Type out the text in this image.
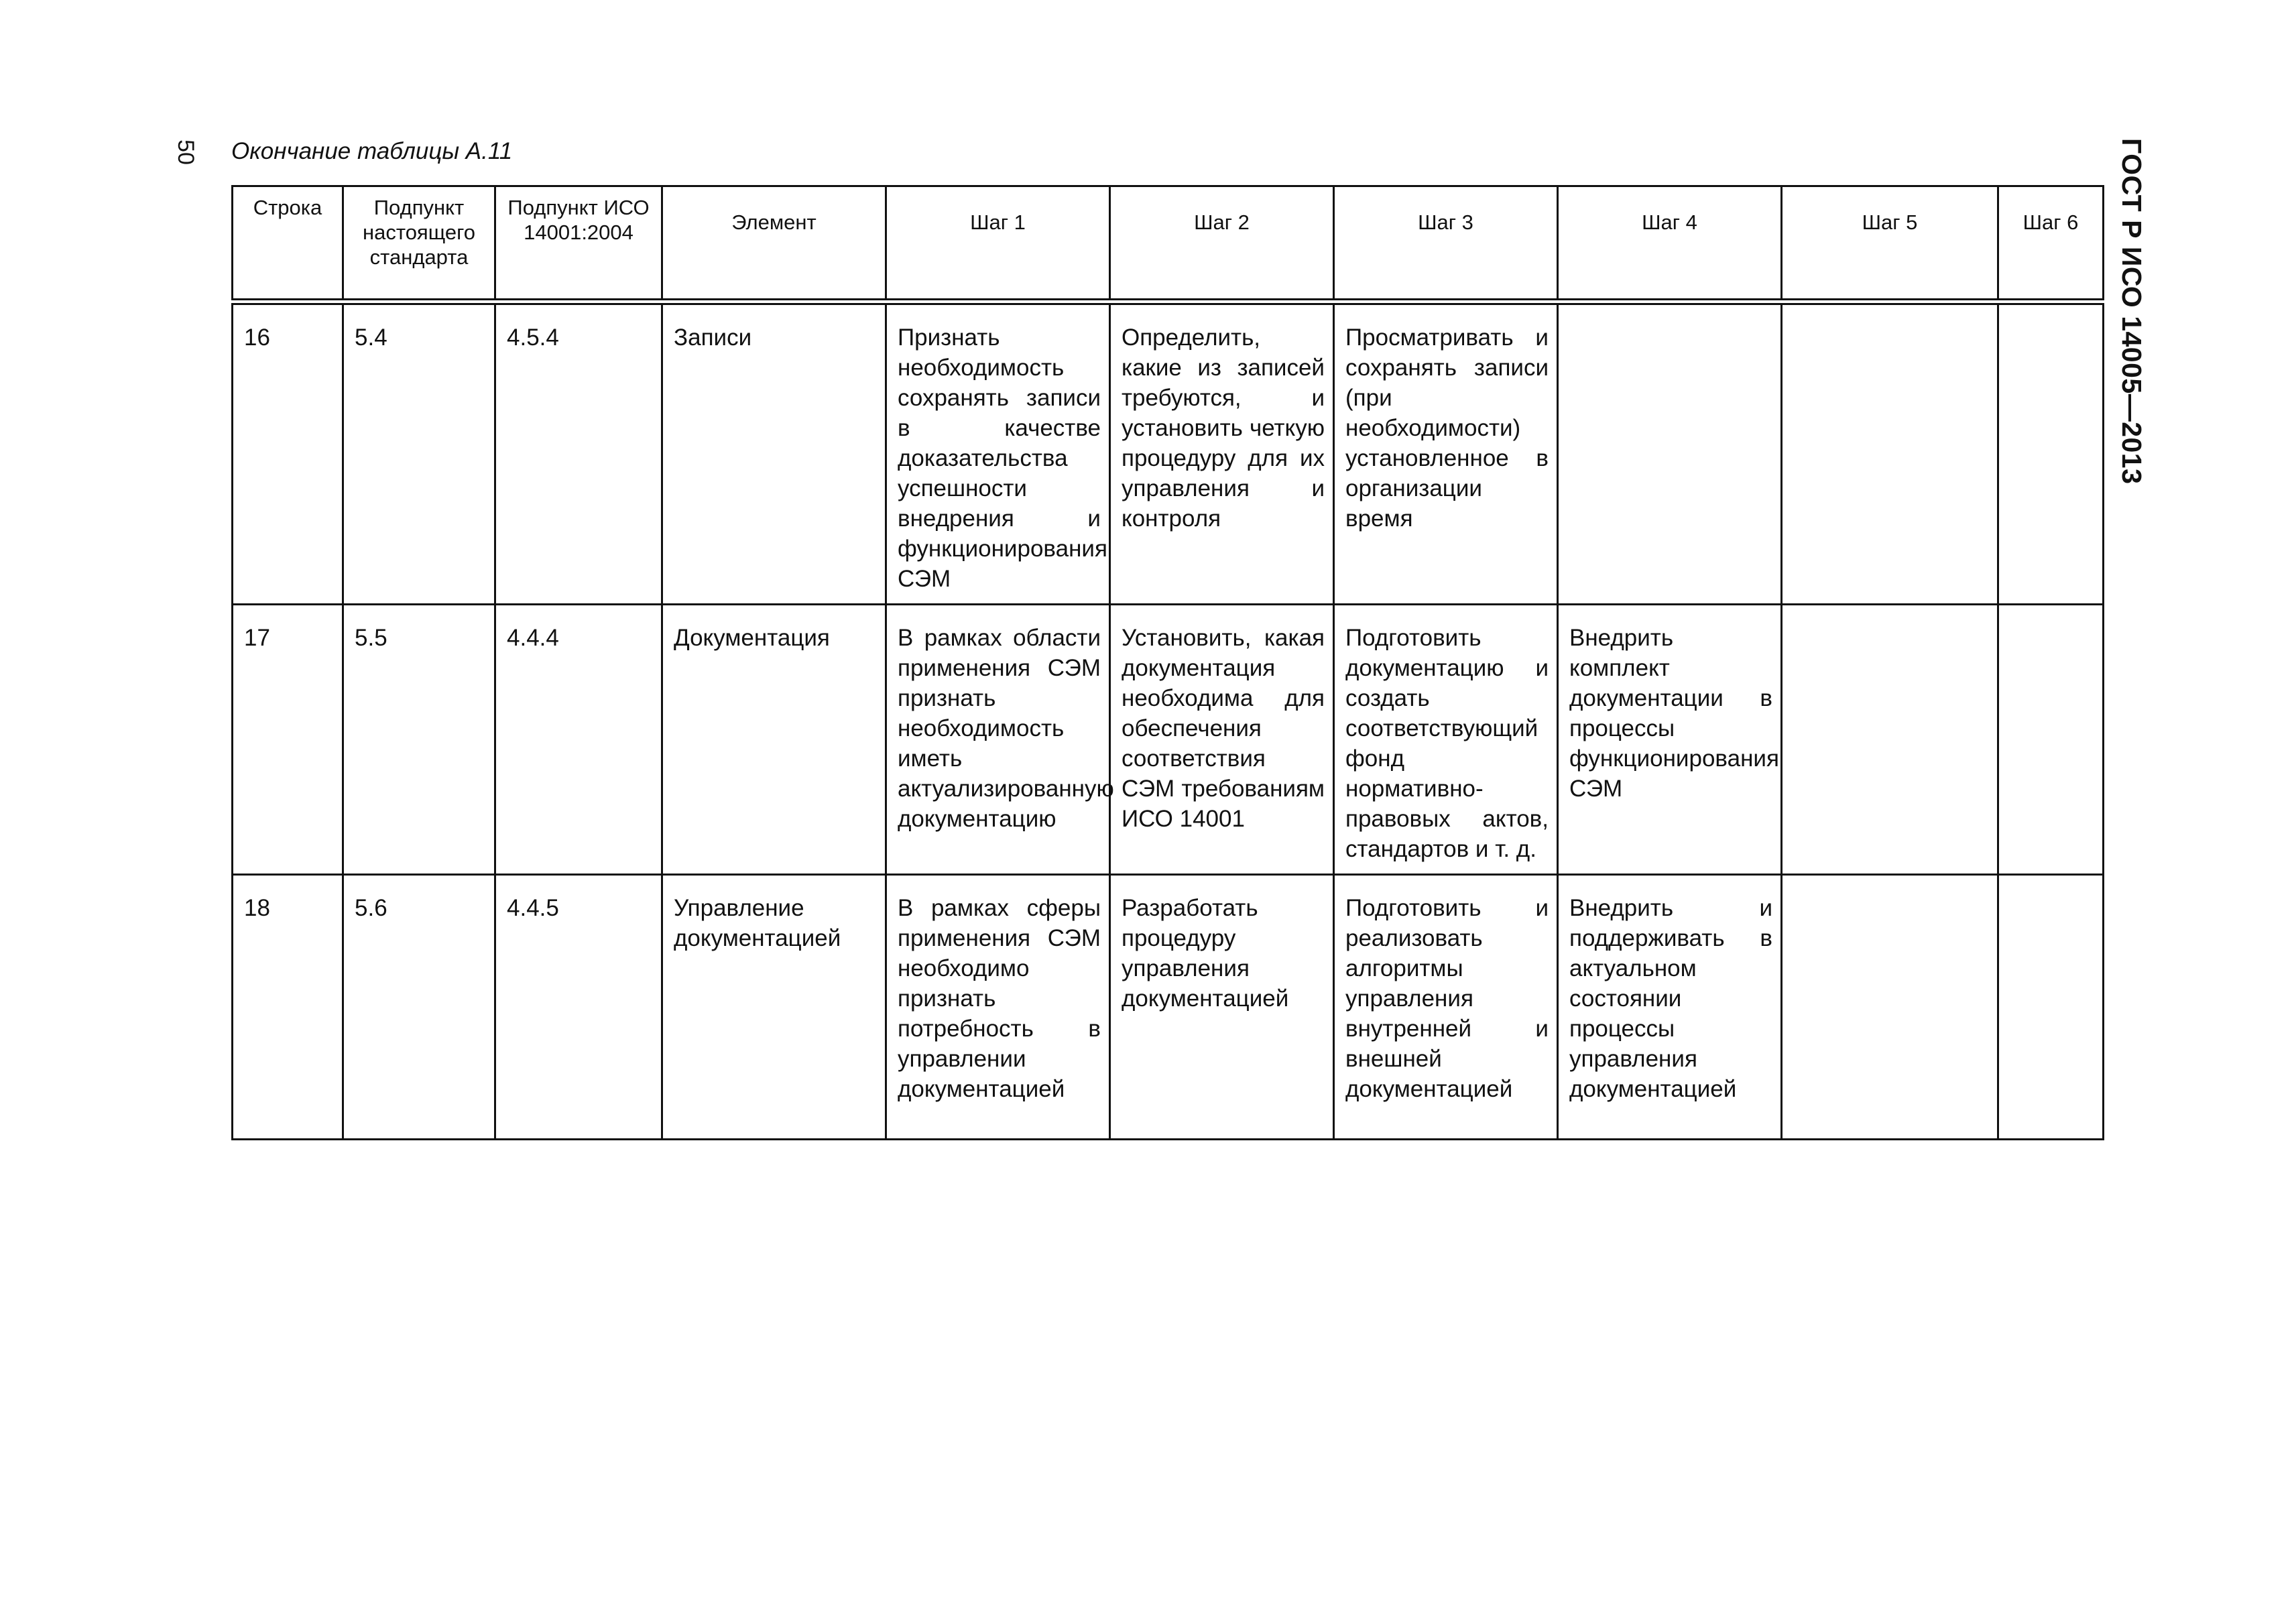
50 Окончание таблицы А.11	ГОСТ Р ИСО 14005—2013
Строка	Подпункт настоящего стандарта	Подпункт ИСО 14001:2004	Элемент	Шаг 1	Шаг 2	Шаг 3	Шаг 4	Шаг 5	Шаг 6
16	5.4	4.5.4	Записи	Признать необходимость сохранять записи в качестве доказательства успешности внедрения и функционирования СЭМ	Определить, какие из записей требуются, и установить четкую процедуру для их управления и контроля	Просматривать и сохранять записи (при необходимости) установленное в организации время			
17	5.5	4.4.4	Документация	В рамках области применения СЭМ признать необходимость иметь актуализированную документацию	Установить, какая документация необходима для обеспечения соответствия СЭМ требованиям ИСО 14001	Подготовить документацию и создать соответствующий фонд нормативно-правовых актов, стандартов и т. д.	Внедрить комплект документации в процессы функционирования СЭМ		
18	5.6	4.4.5	Управление документацией	В рамках сферы применения СЭМ необходимо признать потребность в управлении документацией	Разработать процедуру управления документацией	Подготовить и реализовать алгоритмы управления внутренней и внешней документацией	Внедрить и поддерживать в актуальном состоянии процессы управления документацией		
